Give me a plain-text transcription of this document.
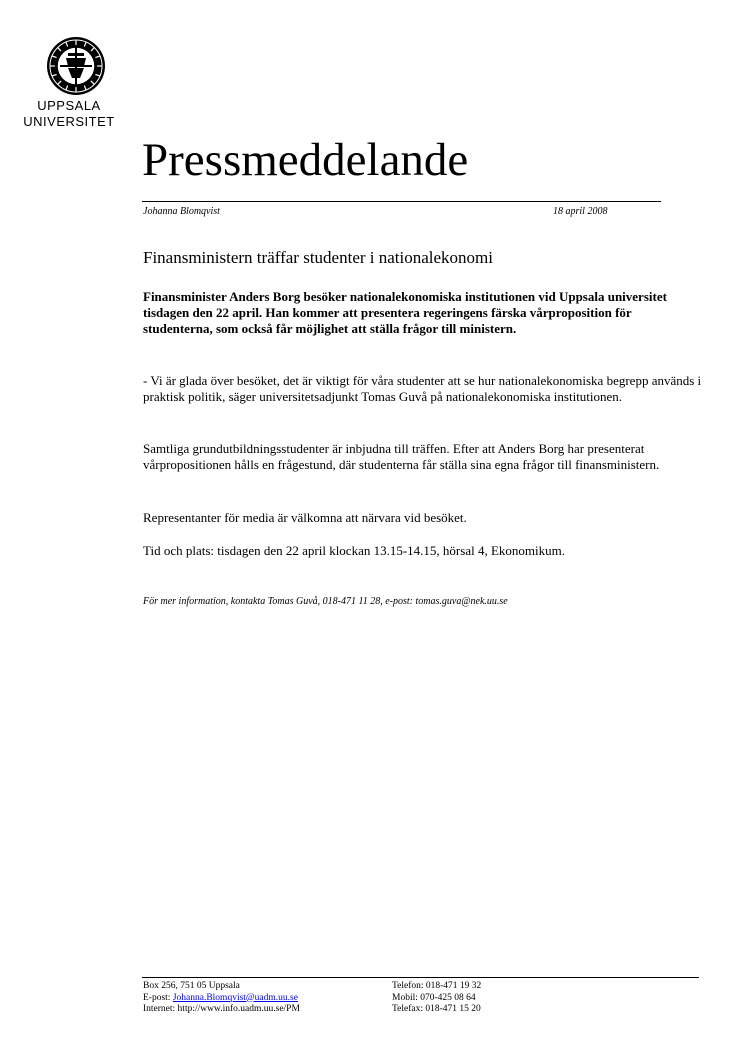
UPPSALA
UNIVERSITET
Pressmeddelande
Johanna Blomqvist	18 april 2008
Finansministern träffar studenter i nationalekonomi
Finansminister Anders Borg besöker nationalekonomiska institutionen vid Uppsala universitet tisdagen den 22 april. Han kommer att presentera regeringens färska vårproposition för studenterna, som också får möjlighet att ställa frågor till ministern.
- Vi är glada över besöket, det är viktigt för våra studenter att se hur nationalekonomiska begrepp används i praktisk politik, säger universitetsadjunkt Tomas Guvå på nationalekonomiska institutionen.
Samtliga grundutbildningsstudenter är inbjudna till träffen. Efter att Anders Borg har presenterat vårpropositionen hålls en frågestund, där studenterna får ställa sina egna frågor till finansministern.
Representanter för media är välkomna att närvara vid besöket.
Tid och plats: tisdagen den 22 april klockan 13.15-14.15, hörsal 4, Ekonomikum.
För mer information, kontakta Tomas Guvå, 018-471 11 28, e-post: tomas.guva@nek.uu.se
Box 256, 751 05 Uppsala
E-post: Johanna.Blomqvist@uadm.uu.se
Internet: http://www.info.uadm.uu.se/PM
Telefon: 018-471 19 32
Mobil: 070-425 08 64
Telefax: 018-471 15 20
